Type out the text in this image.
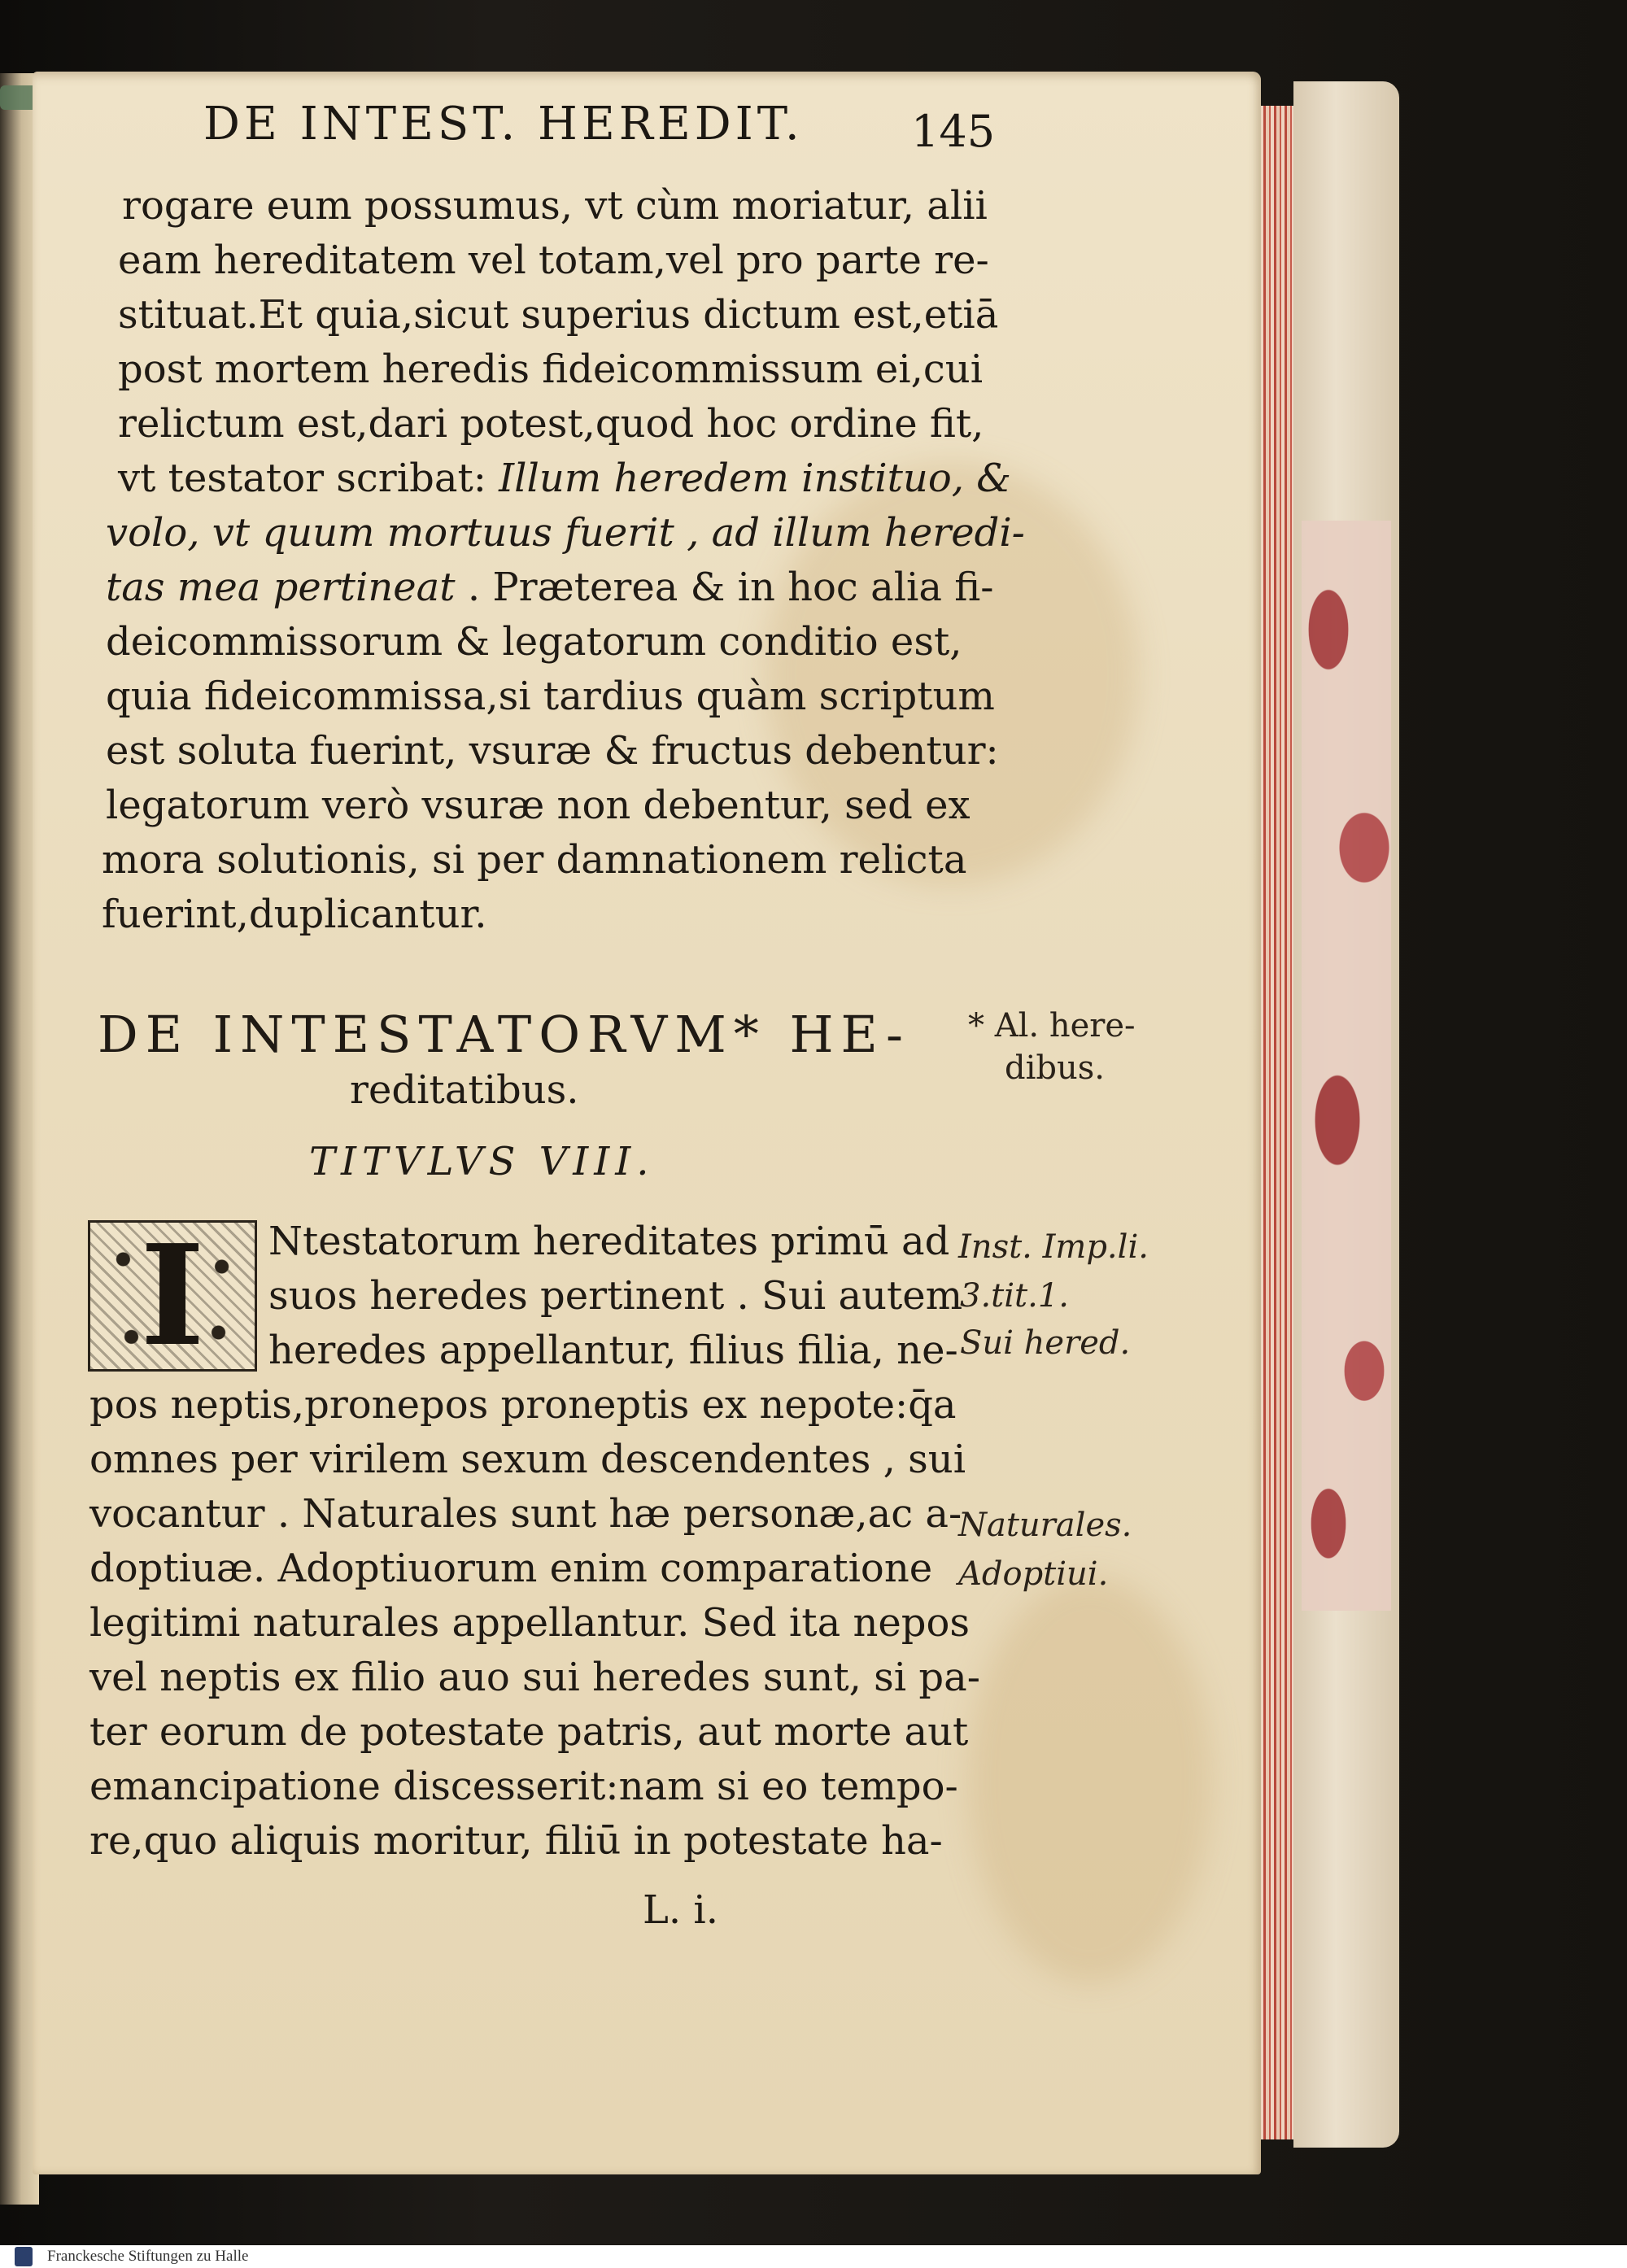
DE INTEST. HEREDIT. 145
rogare eum possumus, vt cùm moriatur, alii
eam hereditatem vel totam,vel pro parte re-
stituat.Et quia,sicut superius dictum est,etiā
post mortem heredis fideicommissum ei,cui
relictum est,dari potest,quod hoc ordine fit,
vt testator scribat: Illum heredem instituo, &
volo, vt quum mortuus fuerit , ad illum heredi-
tas mea pertineat . Præterea & in hoc alia fi-
deicommissorum & legatorum conditio est,
quia fideicommissa,si tardius quàm scriptum
est soluta fuerint, vsuræ & fructus debentur:
legatorum verò vsuræ non debentur, sed ex
mora solutionis, si per damnationem relicta
fuerint,duplicantur.
DE INTESTATORVM* HE-
reditatibus.
TITVLVS VIII.
I	Ntestatorum hereditates primū ad
suos heredes pertinent . Sui autem
heredes appellantur, filius filia, ne-
pos neptis,pronepos proneptis ex nepote:q̄a
omnes per virilem sexum descendentes , sui
vocantur . Naturales sunt hæ personæ,ac a-
doptiuæ. Adoptiuorum enim comparatione
legitimi naturales appellantur. Sed ita nepos
vel neptis ex filio auo sui heredes sunt, si pa-
ter eorum de potestate patris, aut morte aut
emancipatione discesserit:nam si eo tempo-
re,quo aliquis moritur, filiū in potestate ha-
L. i.
* Al. here-
dibus.
Inst. Imp.li.
3.tit.1.
Sui hered.
Naturales.
Adoptiui.
Franckesche Stiftungen zu Halle
